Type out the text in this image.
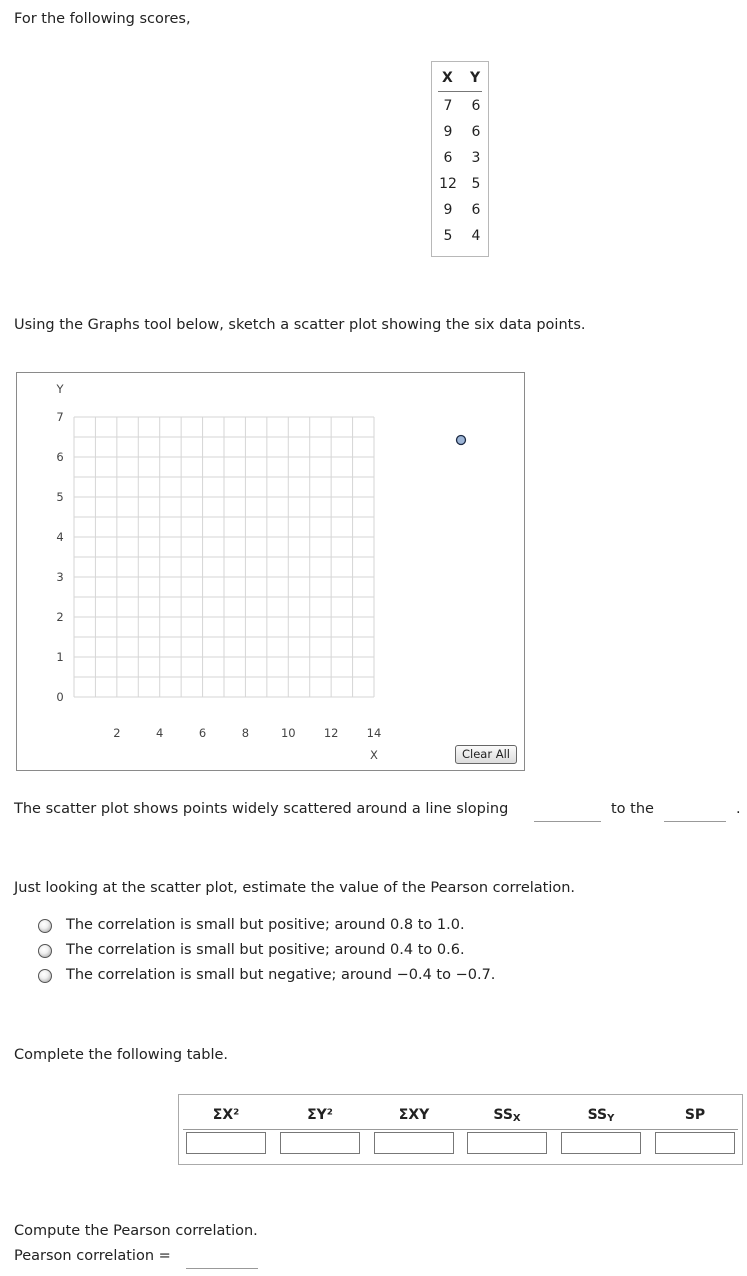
For the following scores,
X Y
7	6
9	6
6	3
12	5
9	6
5	4
Using the Graphs tool below, sketch a scatter plot showing the six data points.
7
6
5
4
3
2
1
0
2	4	6	8	10 12 14
Y
X	Clear All
The scatter plot shows points widely scattered around a line sloping	to the	.
Just looking at the scatter plot, estimate the value of the Pearson correlation.
The correlation is small but positive; around 0.8 to 1.0.
The correlation is small but positive; around 0.4 to 0.6.
The correlation is small but negative; around −0.4 to −0.7.
Complete the following table.
ΣX²	ΣY²	ΣXY	$SS_X$	$SS_Y$	SP
Compute the Pearson correlation.
Pearson correlation =
